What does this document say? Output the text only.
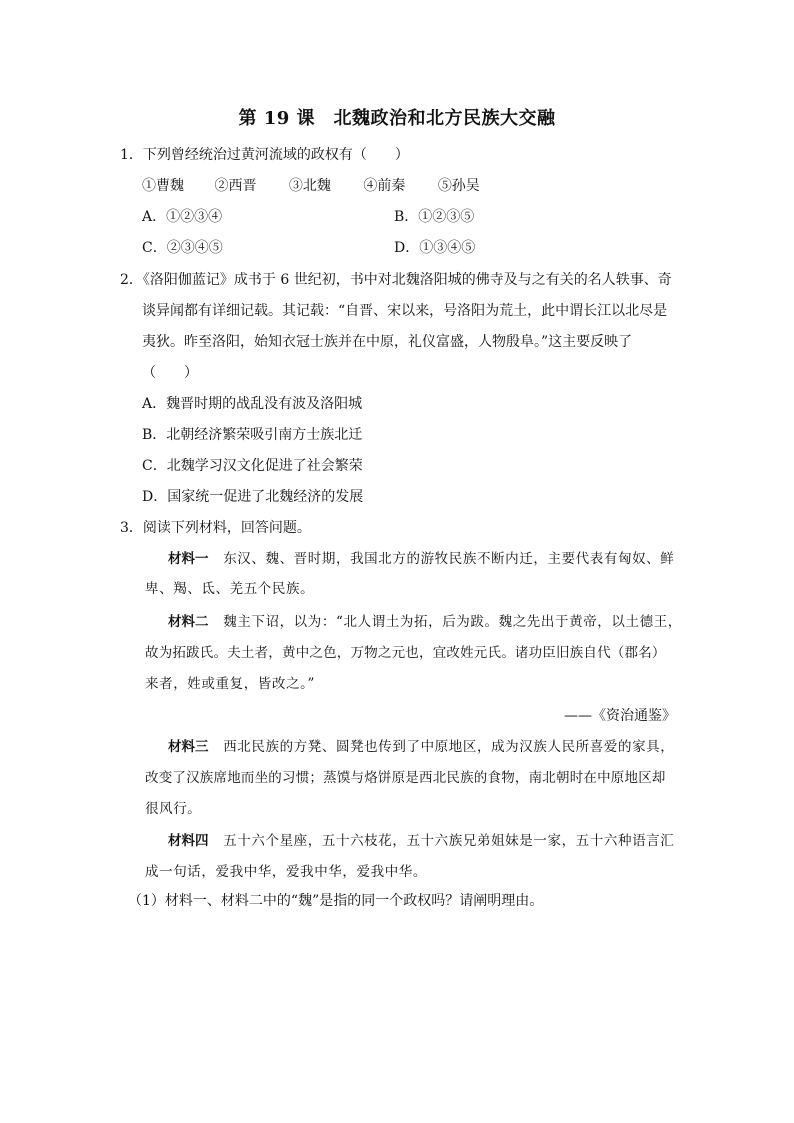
第 19 课　北魏政治和北方民族大交融
1．下列曾经统治过黄河流域的政权有（　　）
①曹魏 ②西晋 ③北魏 ④前秦 ⑤孙吴
A．①②③④	B．①②③⑤
C．②③④⑤	D．①③④⑤
2．《洛阳伽蓝记》成书于 6 世纪初，书中对北魏洛阳城的佛寺及与之有关的名人轶事、奇
谈异闻都有详细记载。其记载：“自晋、宋以来，号洛阳为荒土，此中谓长江以北尽是
夷狄。昨至洛阳，始知衣冠士族并在中原，礼仪富盛，人物殷阜。”这主要反映了
（　　）
A．魏晋时期的战乱没有波及洛阳城
B．北朝经济繁荣吸引南方士族北迁
C．北魏学习汉文化促进了社会繁荣
D．国家统一促进了北魏经济的发展
3．阅读下列材料，回答问题。
材料一 东汉、魏、晋时期，我国北方的游牧民族不断内迁，主要代表有匈奴、鲜
卑、羯、氐、羌五个民族。
材料二 魏主下诏，以为：“北人谓土为拓，后为跋。魏之先出于黄帝，以土德王，
故为拓跋氏。夫土者，黄中之色，万物之元也，宜改姓元氏。诸功臣旧族自代（郡名）
来者，姓或重复，皆改之。”
——《资治通鉴》
材料三 西北民族的方凳、圆凳也传到了中原地区，成为汉族人民所喜爱的家具，
改变了汉族席地而坐的习惯；蒸馍与烙饼原是西北民族的食物，南北朝时在中原地区却
很风行。
材料四 五十六个星座，五十六枝花，五十六族兄弟姐妹是一家，五十六种语言汇
成一句话，爱我中华，爱我中华，爱我中华。
（1）材料一、材料二中的“魏”是指的同一个政权吗？请阐明理由。
